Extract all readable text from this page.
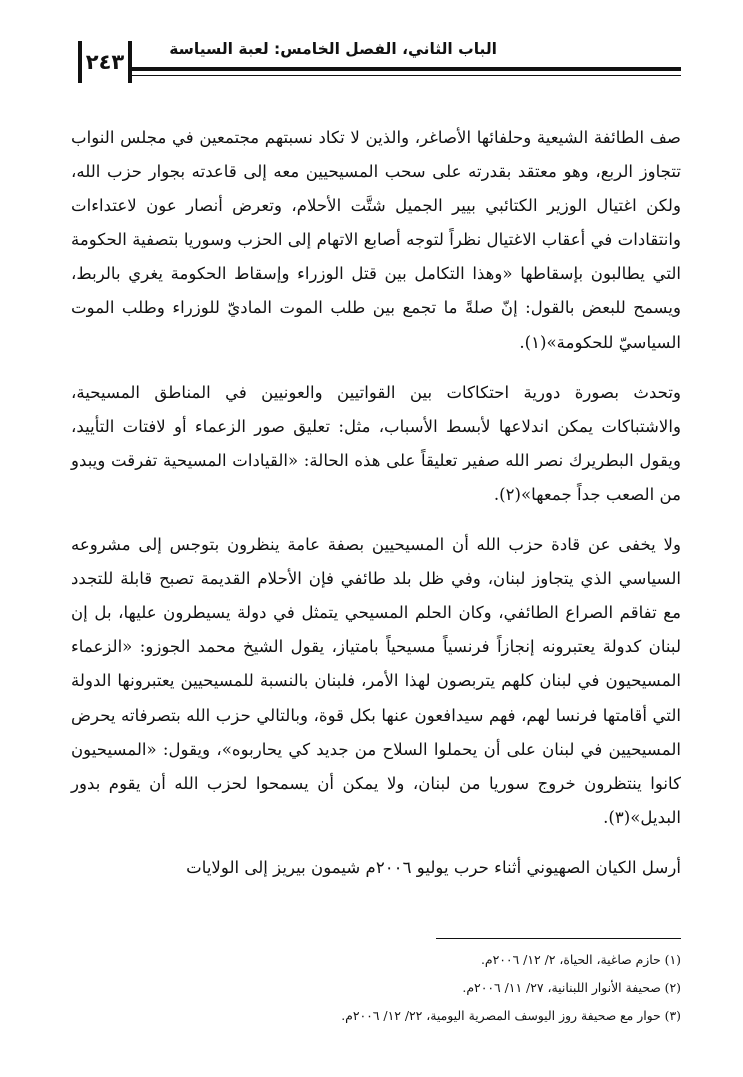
الباب الثاني، الفصل الخامس: لعبة السياسة
٢٤٣

صف الطائفة الشيعية وحلفائها الأصاغر، والذين لا تكاد نسبتهم مجتمعين في مجلس النواب تتجاوز الربع، وهو معتقد بقدرته على سحب المسيحيين معه إلى قاعدته بجوار حزب الله، ولكن اغتيال الوزير الكتائبي بيير الجميل شتَّت الأحلام، وتعرض أنصار عون لاعتداءات وانتقادات في أعقاب الاغتيال نظراً لتوجه أصابع الاتهام إلى الحزب وسوريا بتصفية الحكومة التي يطالبون بإسقاطها «وهذا التكامل بين قتل الوزراء وإسقاط الحكومة يغري بالربط، ويسمح للبعض بالقول: إنّ صلةً ما تجمع بين طلب الموت الماديّ للوزراء وطلب الموت السياسيّ للحكومة»(١).

وتحدث بصورة دورية احتكاكات بين القواتيين والعونيين في المناطق المسيحية، والاشتباكات يمكن اندلاعها لأبسط الأسباب، مثل: تعليق صور الزعماء أو لافتات التأييد، ويقول البطريرك نصر الله صفير تعليقاً على هذه الحالة: «القيادات المسيحية تفرقت ويبدو من الصعب جداً جمعها»(٢).

ولا يخفى عن قادة حزب الله أن المسيحيين بصفة عامة ينظرون بتوجس إلى مشروعه السياسي الذي يتجاوز لبنان، وفي ظل بلد طائفي فإن الأحلام القديمة تصبح قابلة للتجدد مع تفاقم الصراع الطائفي، وكان الحلم المسيحي يتمثل في دولة يسيطرون عليها، بل إن لبنان كدولة يعتبرونه إنجازاً فرنسياً مسيحياً بامتياز، يقول الشيخ محمد الجوزو: «الزعماء المسيحيون في لبنان كلهم يتربصون لهذا الأمر، فلبنان بالنسبة للمسيحيين يعتبرونها الدولة التي أقامتها فرنسا لهم، فهم سيدافعون عنها بكل قوة، وبالتالي حزب الله بتصرفاته يحرض المسيحيين في لبنان على أن يحملوا السلاح من جديد كي يحاربوه»، ويقول: «المسيحيون كانوا ينتظرون خروج سوريا من لبنان، ولا يمكن أن يسمحوا لحزب الله أن يقوم بدور البديل»(٣).

أرسل الكيان الصهيوني أثناء حرب يوليو ٢٠٠٦م شيمون بيريز إلى الولايات

(١) حازم صاغية، الحياة، ٢/ ١٢/ ٢٠٠٦م.
(٢) صحيفة الأنوار اللبنانية، ٢٧/ ١١/ ٢٠٠٦م.
(٣) حوار مع صحيفة روز اليوسف المصرية اليومية، ٢٢/ ١٢/ ٢٠٠٦م.
